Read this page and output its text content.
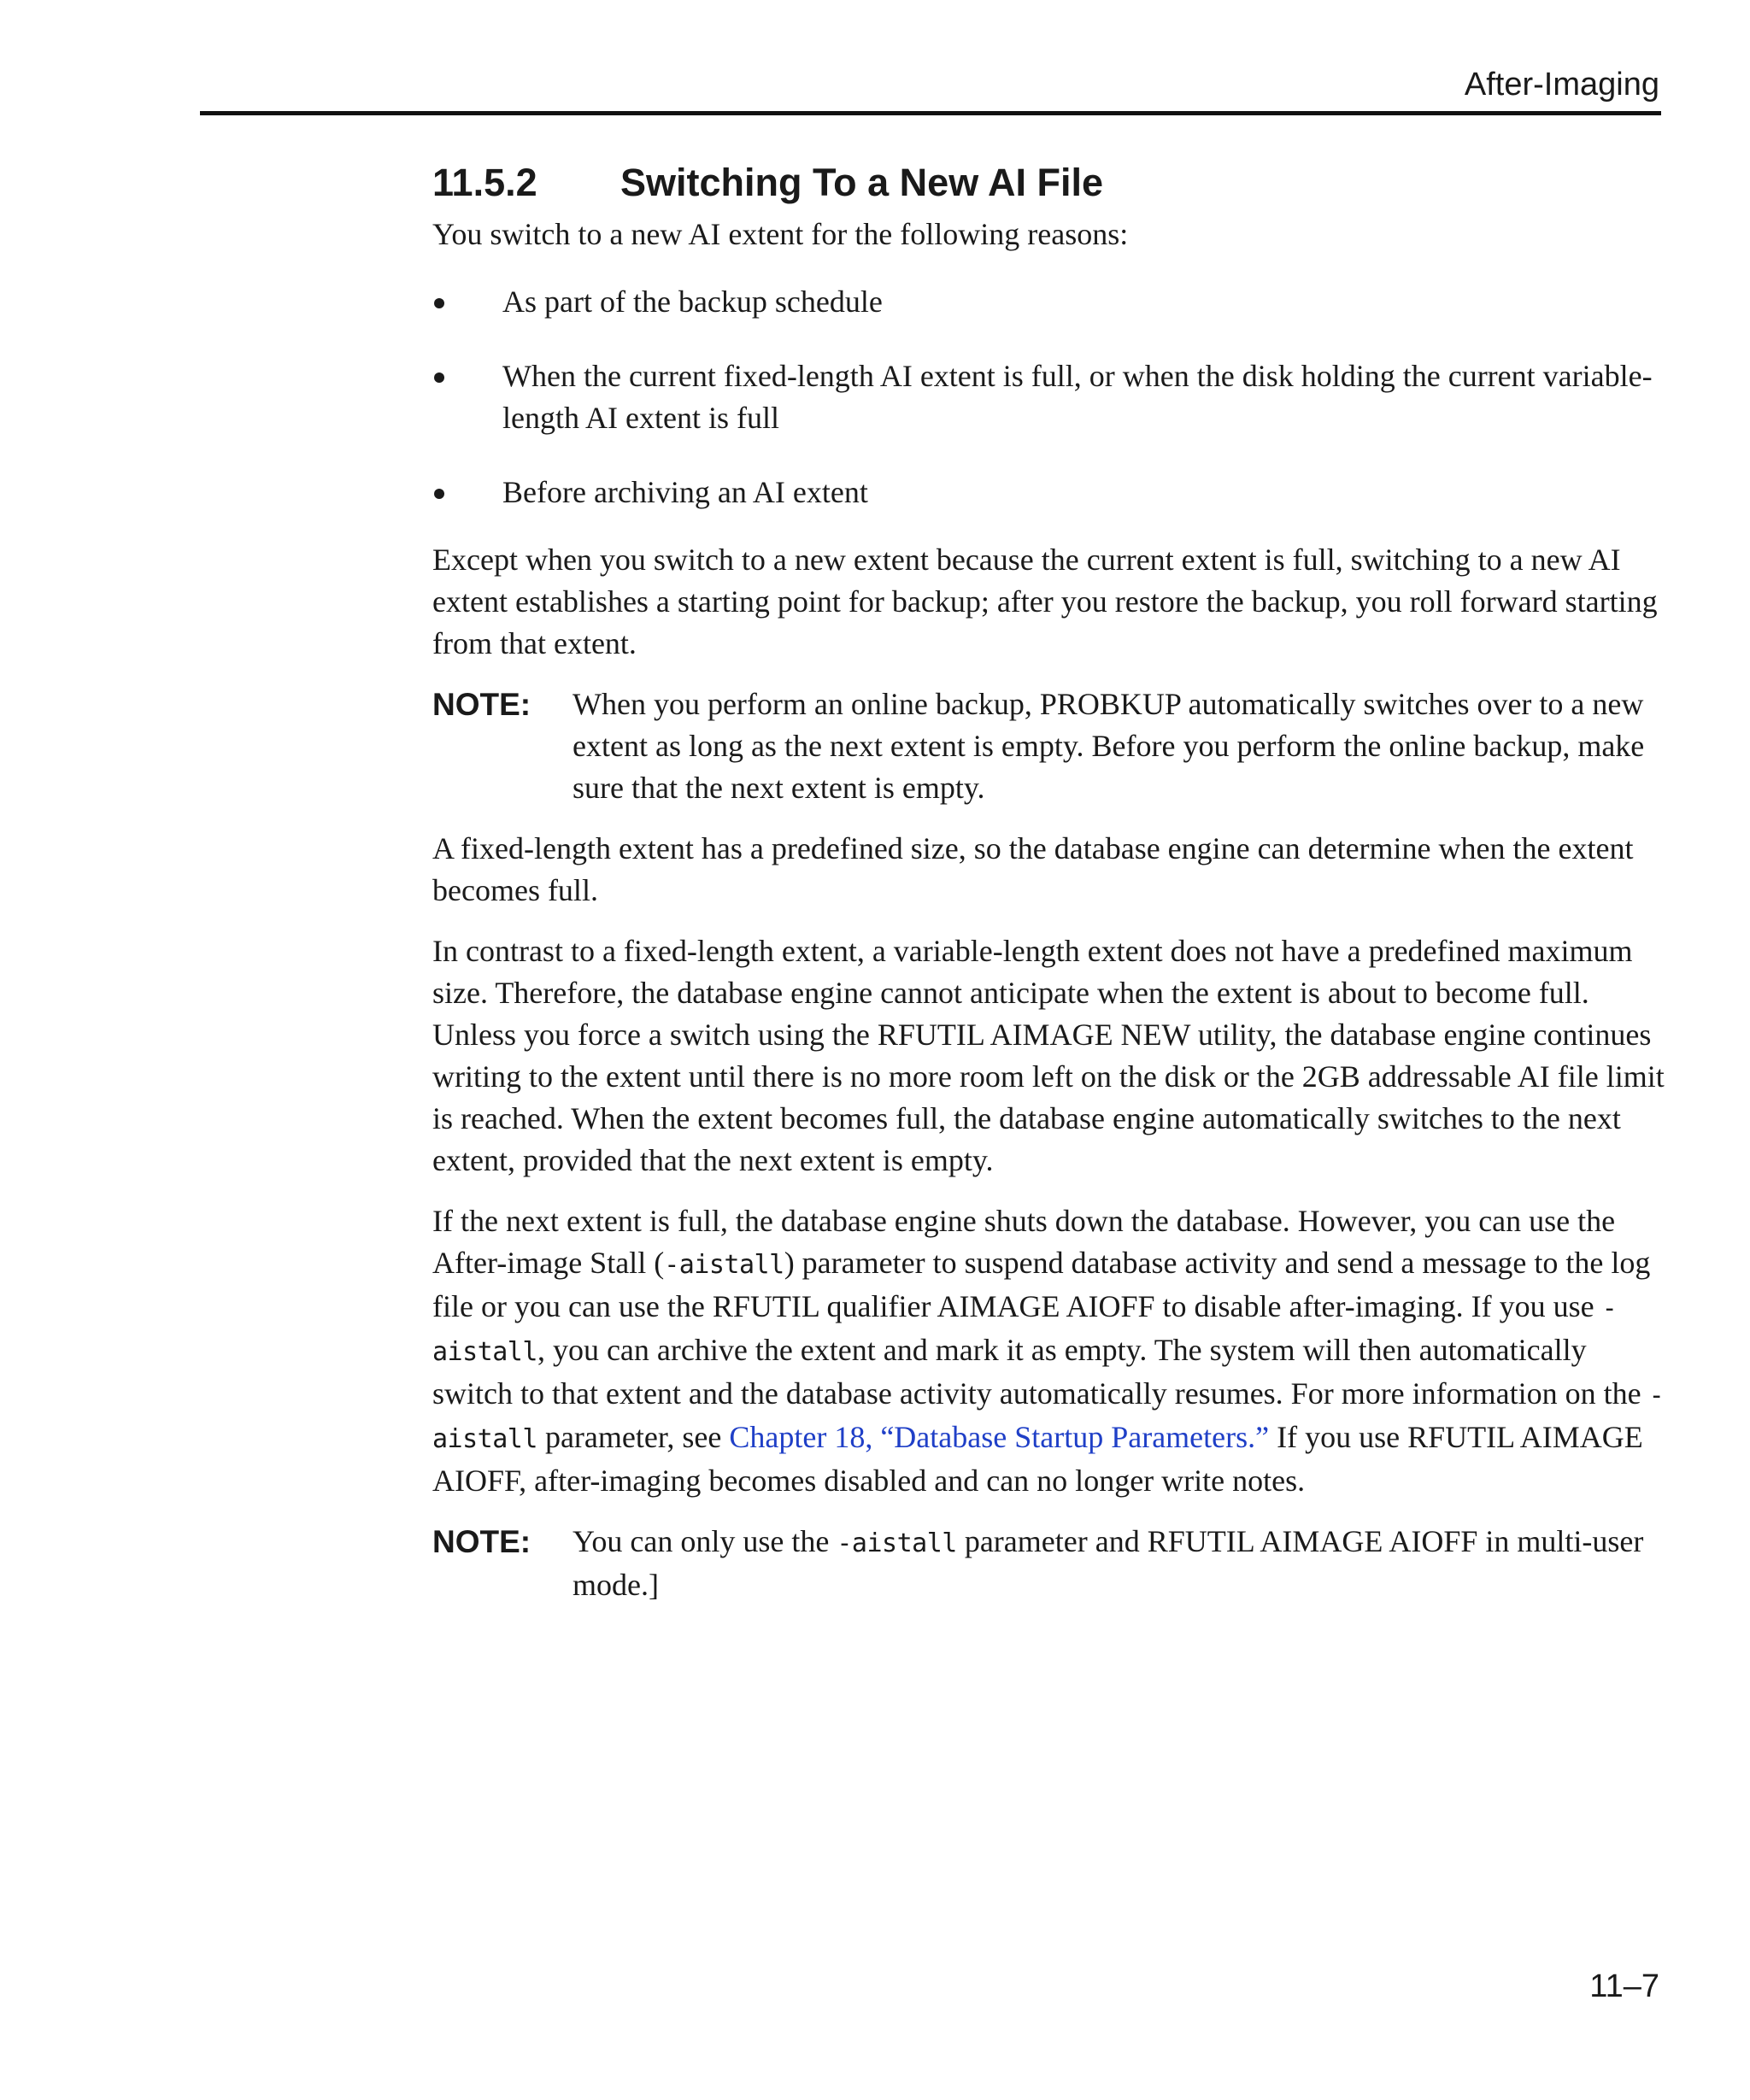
After-Imaging
11.5.2	Switching To a New AI File

You switch to a new AI extent for the following reasons:

As part of the backup schedule
When the current fixed-length AI extent is full, or when the disk holding the current variable-length AI extent is full
Before archiving an AI extent

Except when you switch to a new extent because the current extent is full, switching to a new AI extent establishes a starting point for backup; after you restore the backup, you roll forward starting from that extent.

NOTE:	When you perform an online backup, PROBKUP automatically switches over to a new extent as long as the next extent is empty. Before you perform the online backup, make sure that the next extent is empty.

A fixed-length extent has a predefined size, so the database engine can determine when the extent becomes full.

In contrast to a fixed-length extent, a variable-length extent does not have a predefined maximum size. Therefore, the database engine cannot anticipate when the extent is about to become full. Unless you force a switch using the RFUTIL AIMAGE NEW utility, the database engine continues writing to the extent until there is no more room left on the disk or the 2GB addressable AI file limit is reached. When the extent becomes full, the database engine automatically switches to the next extent, provided that the next extent is empty.

If the next extent is full, the database engine shuts down the database. However, you can use the After-image Stall (-aistall) parameter to suspend database activity and send a message to the log file or you can use the RFUTIL qualifier AIMAGE AIOFF to disable after-imaging. If you use -aistall, you can archive the extent and mark it as empty. The system will then automatically switch to that extent and the database activity automatically resumes. For more information on the -aistall parameter, see Chapter 18, “Database Startup Parameters.” If you use RFUTIL AIMAGE AIOFF, after-imaging becomes disabled and can no longer write notes.

NOTE:	You can only use the -aistall parameter and RFUTIL AIMAGE AIOFF in multi-user mode.]
11–7
